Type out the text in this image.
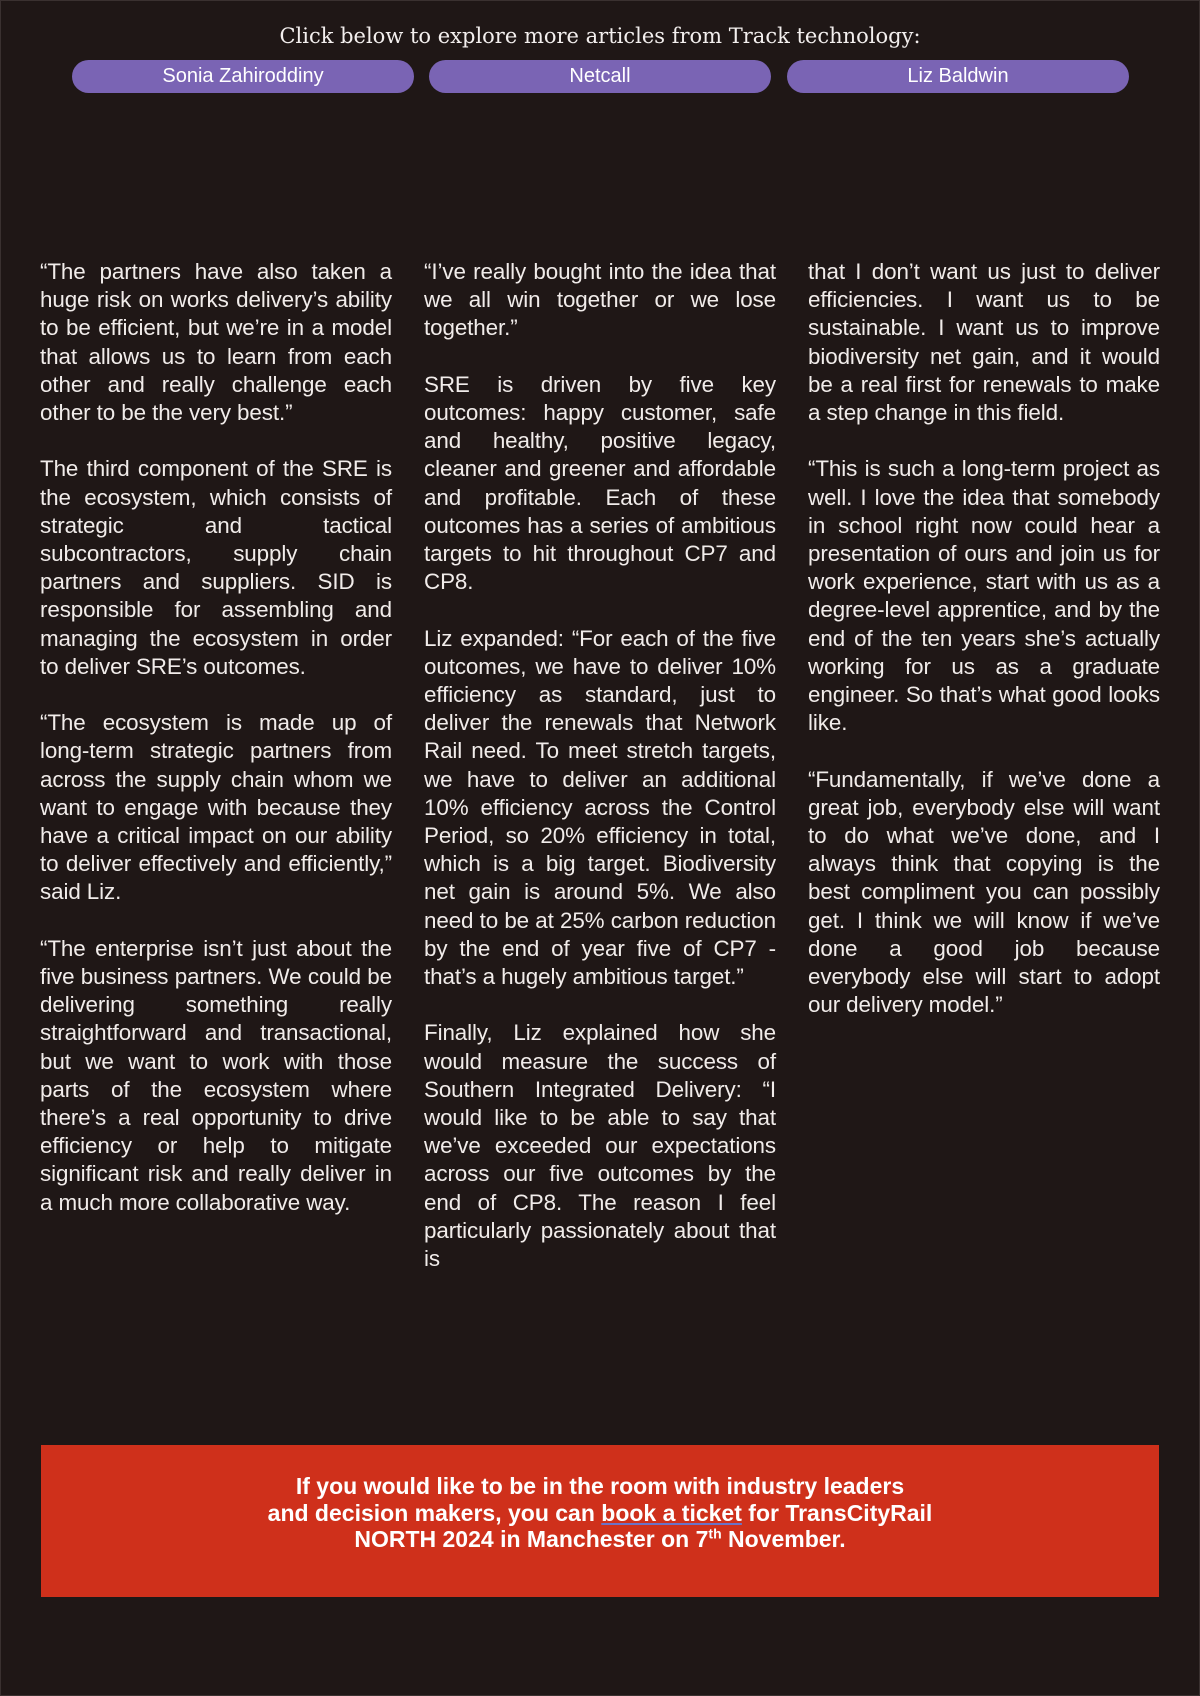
Click below to explore more articles from Track technology:
Sonia Zahiroddiny	Netcall	Liz Baldwin

“The partners have also taken a huge risk on works delivery’s ability to be efficient, but we’re in a model that allows us to learn from each other and really challenge each other to be the very best.”

The third component of the SRE is the ecosystem, which consists of strategic and tactical subcontractors, supply chain partners and suppliers. SID is responsible for assembling and managing the ecosystem in order to deliver SRE’s outcomes.

“The ecosystem is made up of long-term strategic partners from across the supply chain whom we want to engage with because they have a critical impact on our ability to deliver effectively and efficiently,” said Liz.

“The enterprise isn’t just about the five business partners. We could be delivering something really straightforward and transactional, but we want to work with those parts of the ecosystem where there’s a real opportunity to drive efficiency or help to mitigate significant risk and really deliver in a much more collaborative way.

“I’ve really bought into the idea that we all win together or we lose together.”

SRE is driven by five key outcomes: happy customer, safe and healthy, positive legacy, cleaner and greener and affordable and profitable. Each of these outcomes has a series of ambitious targets to hit throughout CP7 and CP8.

Liz expanded: “For each of the five outcomes, we have to deliver 10% efficiency as standard, just to deliver the renewals that Network Rail need. To meet stretch targets, we have to deliver an additional 10% efficiency across the Control Period, so 20% efficiency in total, which is a big target. Biodiversity net gain is around 5%. We also need to be at 25% carbon reduction by the end of year five of CP7 - that’s a hugely ambitious target.”

Finally, Liz explained how she would measure the success of Southern Integrated Delivery: “I would like to be able to say that we’ve exceeded our expectations across our five outcomes by the end of CP8. The reason I feel particularly passionately about that is

that I don’t want us just to deliver efficiencies. I want us to be sustainable. I want us to improve biodiversity net gain, and it would be a real first for renewals to make a step change in this field.

“This is such a long-term project as well. I love the idea that somebody in school right now could hear a presentation of ours and join us for work experience, start with us as a degree-level apprentice, and by the end of the ten years she’s actually working for us as a graduate engineer. So that’s what good looks like.

“Fundamentally, if we’ve done a great job, everybody else will want to do what we’ve done, and I always think that copying is the best compliment you can possibly get. I think we will know if we’ve done a good job because everybody else will start to adopt our delivery model.”

If you would like to be in the room with industry leaders
and decision makers, you can book a ticket for TransCityRail
NORTH 2024 in Manchester on 7th November.
